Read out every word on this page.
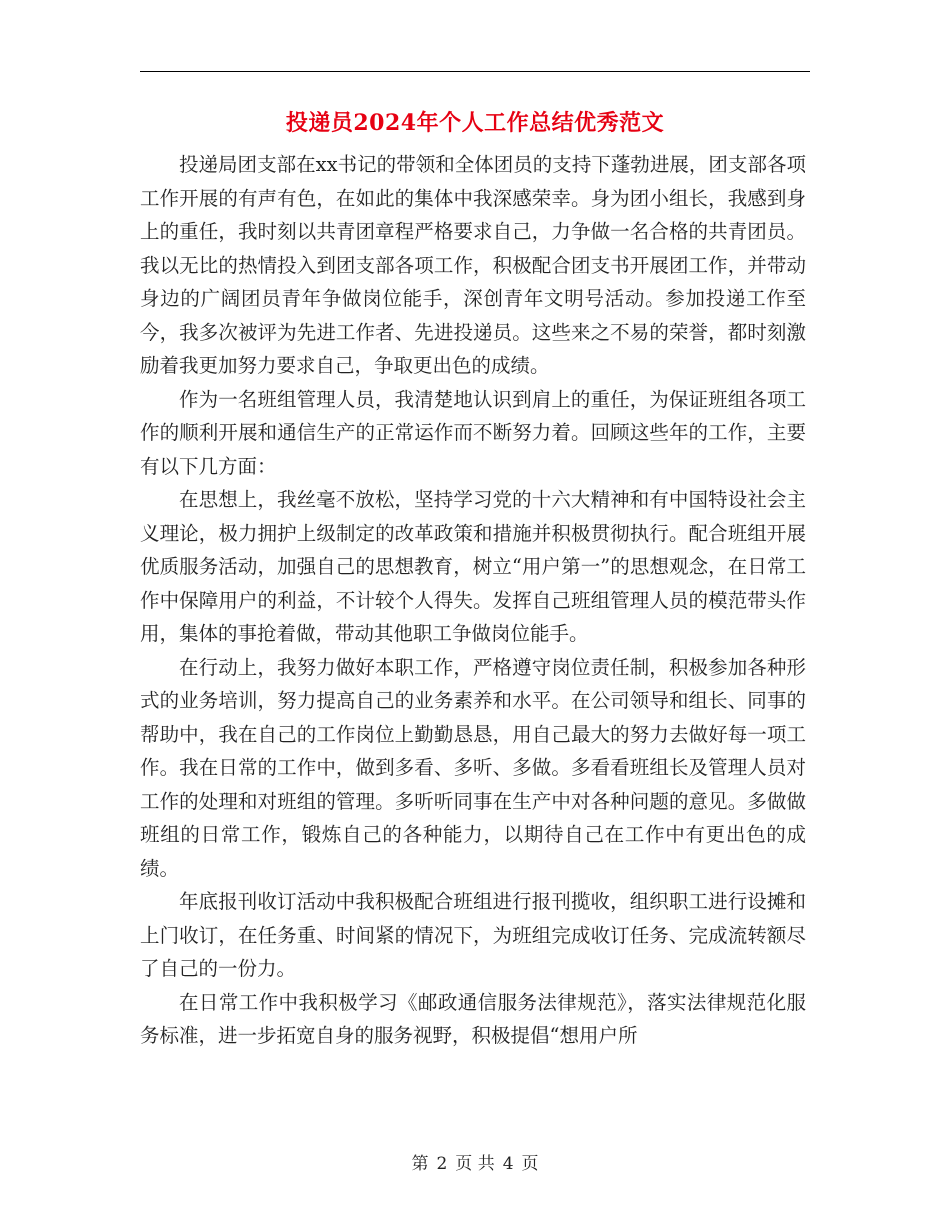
投递员2024年个人工作总结优秀范文

投递局团支部在xx书记的带领和全体团员的支持下蓬勃进展，团支部各项工作开展的有声有色，在如此的集体中我深感荣幸。身为团小组长，我感到身上的重任，我时刻以共青团章程严格要求自己，力争做一名合格的共青团员。我以无比的热情投入到团支部各项工作，积极配合团支书开展团工作，并带动身边的广阔团员青年争做岗位能手，深创青年文明号活动。参加投递工作至今，我多次被评为先进工作者、先进投递员。这些来之不易的荣誉，都时刻激励着我更加努力要求自己，争取更出色的成绩。

作为一名班组管理人员，我清楚地认识到肩上的重任，为保证班组各项工作的顺利开展和通信生产的正常运作而不断努力着。回顾这些年的工作，主要有以下几方面：

在思想上，我丝毫不放松，坚持学习党的十六大精神和有中国特设社会主义理论，极力拥护上级制定的改革政策和措施并积极贯彻执行。配合班组开展优质服务活动，加强自己的思想教育，树立“用户第一”的思想观念，在日常工作中保障用户的利益，不计较个人得失。发挥自己班组管理人员的模范带头作用，集体的事抢着做，带动其他职工争做岗位能手。

在行动上，我努力做好本职工作，严格遵守岗位责任制，积极参加各种形式的业务培训，努力提高自己的业务素养和水平。在公司领导和组长、同事的帮助中，我在自己的工作岗位上勤勤恳恳，用自己最大的努力去做好每一项工作。我在日常的工作中，做到多看、多听、多做。多看看班组长及管理人员对工作的处理和对班组的管理。多听听同事在生产中对各种问题的意见。多做做班组的日常工作，锻炼自己的各种能力，以期待自己在工作中有更出色的成绩。

年底报刊收订活动中我积极配合班组进行报刊揽收，组织职工进行设摊和上门收订，在任务重、时间紧的情况下，为班组完成收订任务、完成流转额尽了自己的一份力。

在日常工作中我积极学习《邮政通信服务法律规范》，落实法律规范化服务标准，进一步拓宽自身的服务视野，积极提倡“想用户所

第 2 页 共 4 页
